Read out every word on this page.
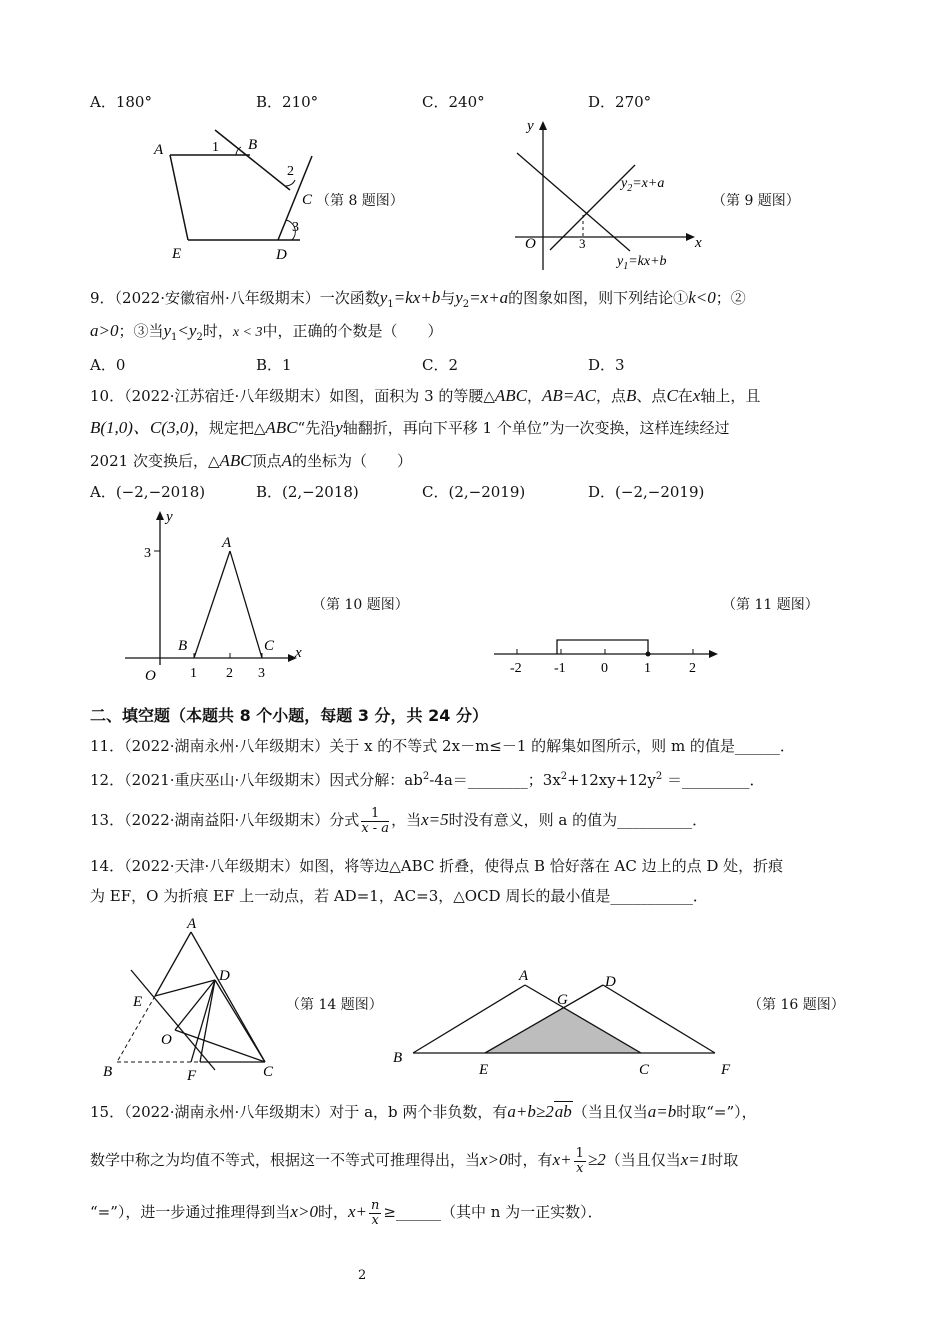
A．180°	B．210°	C．240°	D．270°
A	B
C
D
E
1
2
3
（第 8 题图）
y
x
O	3
$y_2=x+a$
$y_1=kx+b$
（第 9 题图）
9．（2022·安徽宿州·八年级期末）一次函数$y_1=kx+b$与$y_2=x+a$的图象如图，则下列结论①k<0；②
a>0；③当$y_1<y_2$时，x < 3中，正确的个数是（　　）
A．0	B．1	C．2	D．3
10．（2022·江苏宿迁·八年级期末）如图，面积为 3 的等腰△ABC，AB=AC，点B、点C在x轴上，且
B(1,0)、C(3,0)，规定把△ABC“先沿y轴翻折，再向下平移 1 个单位”为一次变换，这样连续经过
2021 次变换后，△ABC顶点A的坐标为（　　）
A．(−2,−2018)	B．(2,−2018)	C．(2,−2019)	D．(−2,−2019)
y
x
O
A
B	C
1 2 3
3
（第 10 题图）
-2 -1	0	1	2
（第 11 题图）
二、填空题（本题共 8 个小题，每题 3 分，共 24 分）
11．（2022·湖南永州·八年级期末）关于 x 的不等式 2x－m≤－1 的解集如图所示，则 m 的值是______．
12．（2021·重庆巫山·八年级期末）因式分解：$ab^2-4a=\_\_\_\_\_\_\_\_$；$3x^2+12xy+12y^2$ ＝_________．
13．（2022·湖南益阳·八年级期末）分式 $\frac{1}{x - a}$ ，当x=5时没有意义，则 a 的值为__________．
14．（2022·天津·八年级期末）如图，将等边△ABC 折叠，使得点 B 恰好落在 AC 边上的点 D 处，折痕
为 EF，O 为折痕 EF 上一动点，若 AD=1，AC=3，△OCD 周长的最小值是___________．
A
D
E
O
B	F	C
（第 14 题图）
A	D
G
B
E	C	F
（第 16 题图）
15．（2022·湖南永州·八年级期末）对于 a，b 两个非负数，有a+b≥2ab（当且仅当a=b时取“=”），
数学中称之为均值不等式，根据这一不等式可推理得出，当x>0时，有$x+ \frac{1}{x} \ge 2$（当且仅当x=1时取
“=”），进一步通过推理得到当x>0时，$x+ \frac{n}{x}$ ≥______（其中 n 为一正实数）．
2
